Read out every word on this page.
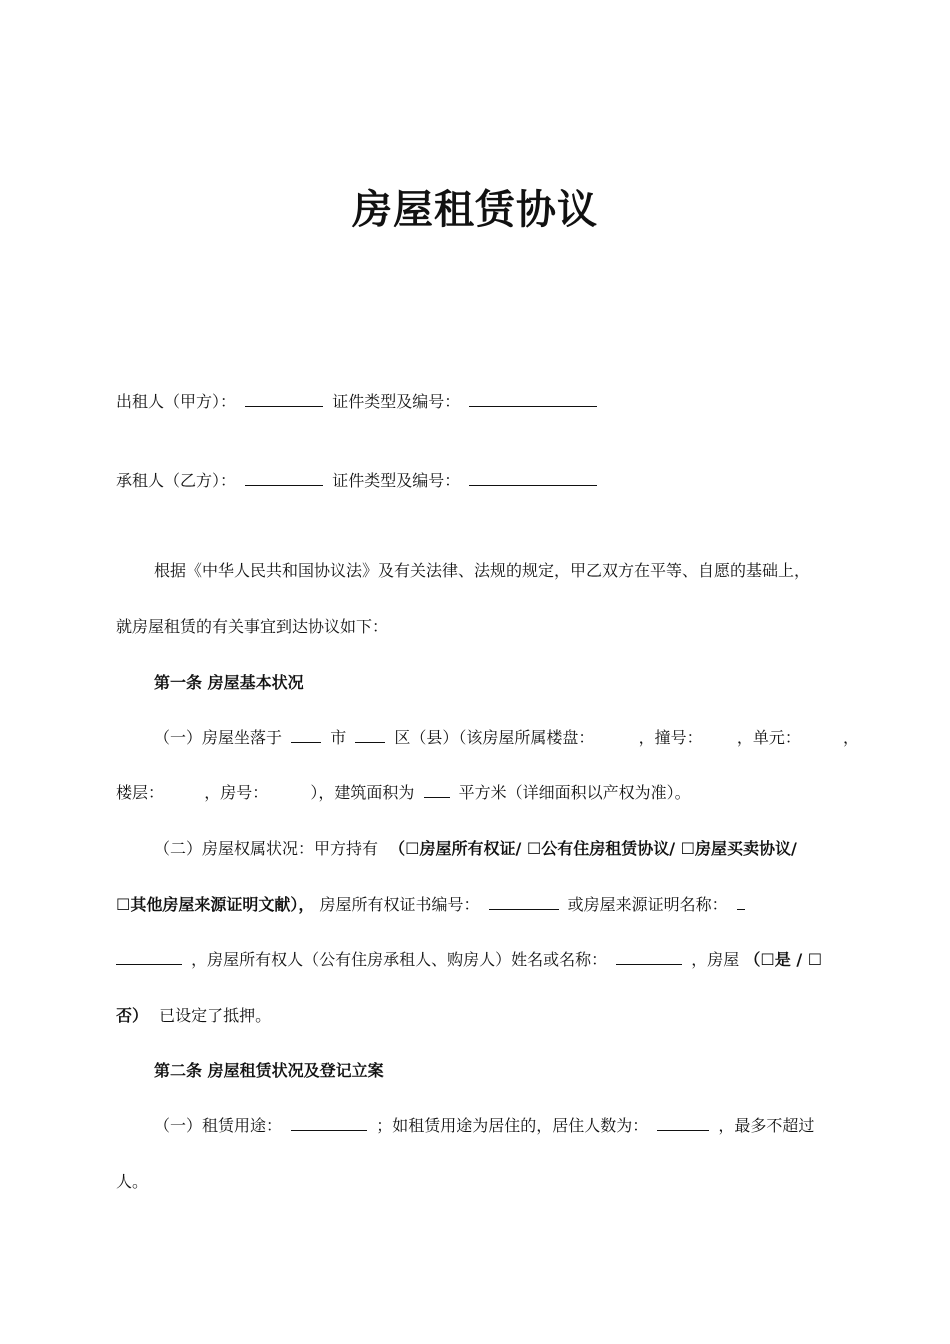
房屋租赁协议
出租人（甲方）：	证件类型及编号：
承租人（乙方）：	证件类型及编号：
根据《中华人民共和国协议法》及有关法律、法规的规定，甲乙双方在平等、自愿的基础上，
就房屋租赁的有关事宜到达协议如下：
第一条 房屋基本状况
（一）房屋坐落于	市	区（县）（该房屋所属楼盘：	，撞号： ，单元：	，
楼层：	，房号：	），建筑面积为	平方米（详细面积以产权为准）。
（二）房屋权属状况：甲方持有 （☐房屋所有权证/ ☐公有住房租赁协议/ ☐房屋买卖协议/
☐其他房屋来源证明文献）， 房屋所有权证书编号：	或房屋来源证明名称：
，房屋所有权人（公有住房承租人、购房人）姓名或名称：	，房屋 （☐是 / ☐
否） 已设定了抵押。
第二条 房屋租赁状况及登记立案
（一）租赁用途：	；如租赁用途为居住的，居住人数为：	，最多不超过
人。
